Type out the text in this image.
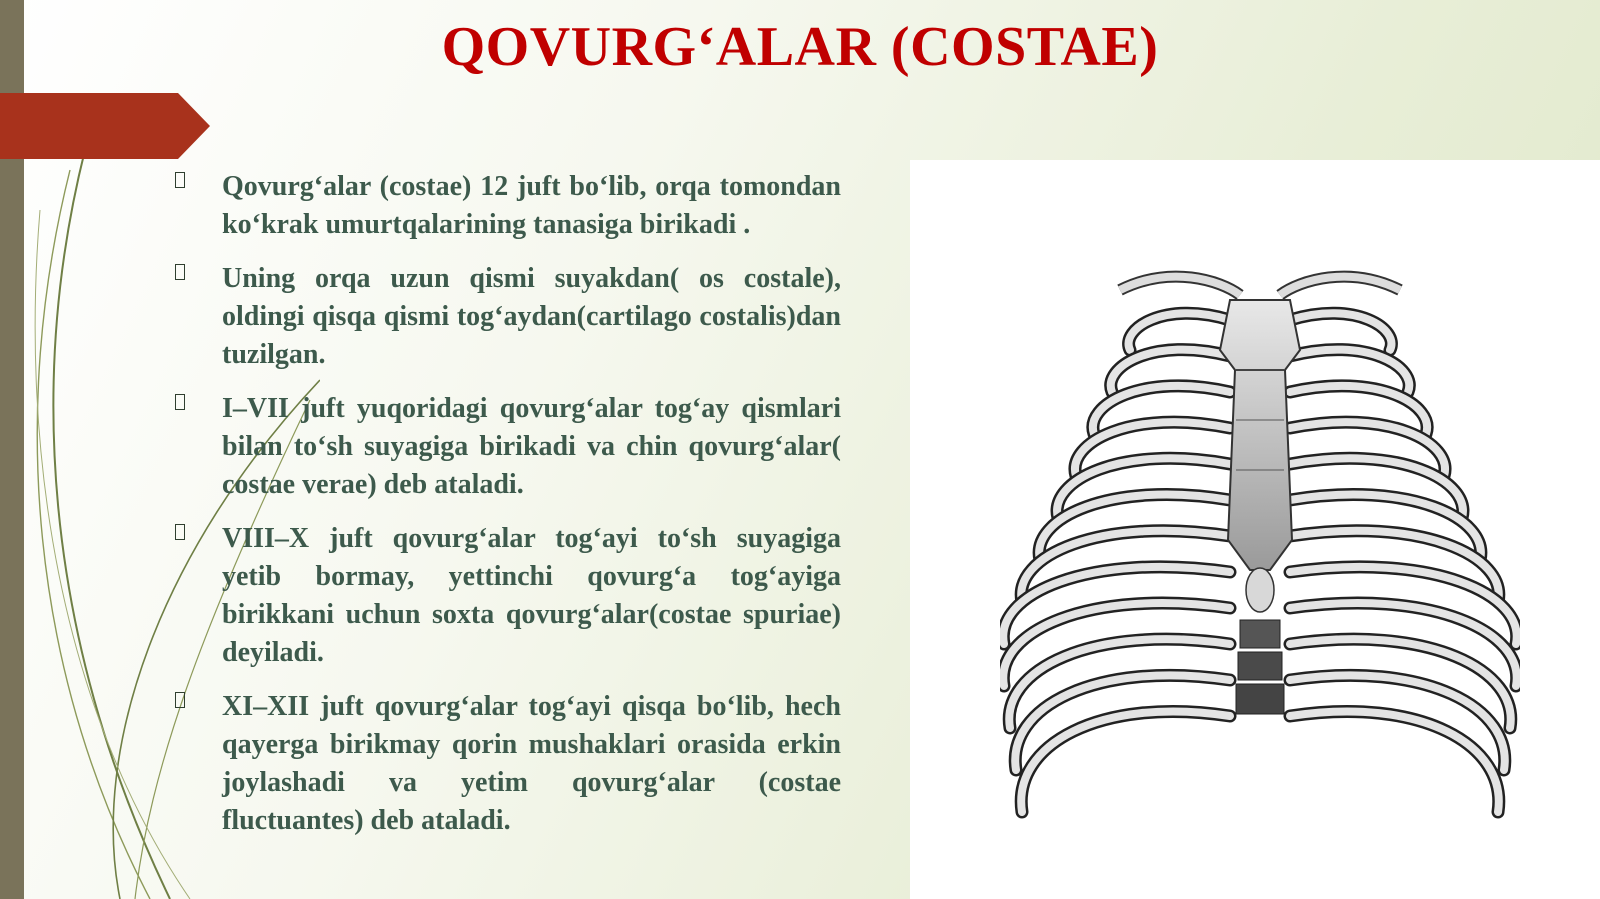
QOVURG‘ALAR (COSTAE)
Qovurg‘alar (costae) 12 juft bo‘lib, orqa tomondan ko‘krak umurtqalarining tanasiga birikadi .
Uning orqa uzun qismi suyakdan( os costale), oldingi qisqa qismi tog‘aydan(cartilago costalis)dan tuzilgan.
I–VII juft yuqoridagi qovurg‘alar tog‘ay qismlari bilan to‘sh suyagiga birikadi va chin qovurg‘alar( costae verae) deb ataladi.
VIII–X juft qovurg‘alar tog‘ayi to‘sh suyagiga yetib bormay, yettinchi qovurg‘a tog‘ayiga birikkani uchun soxta qovurg‘alar(costae spuriae) deyiladi.
XI–XII juft qovurg‘alar tog‘ayi qisqa bo‘lib, hech qayerga birikmay qorin mushaklari orasida erkin joylashadi va yetim qovurg‘alar (costae fluctuantes) deb ataladi.
